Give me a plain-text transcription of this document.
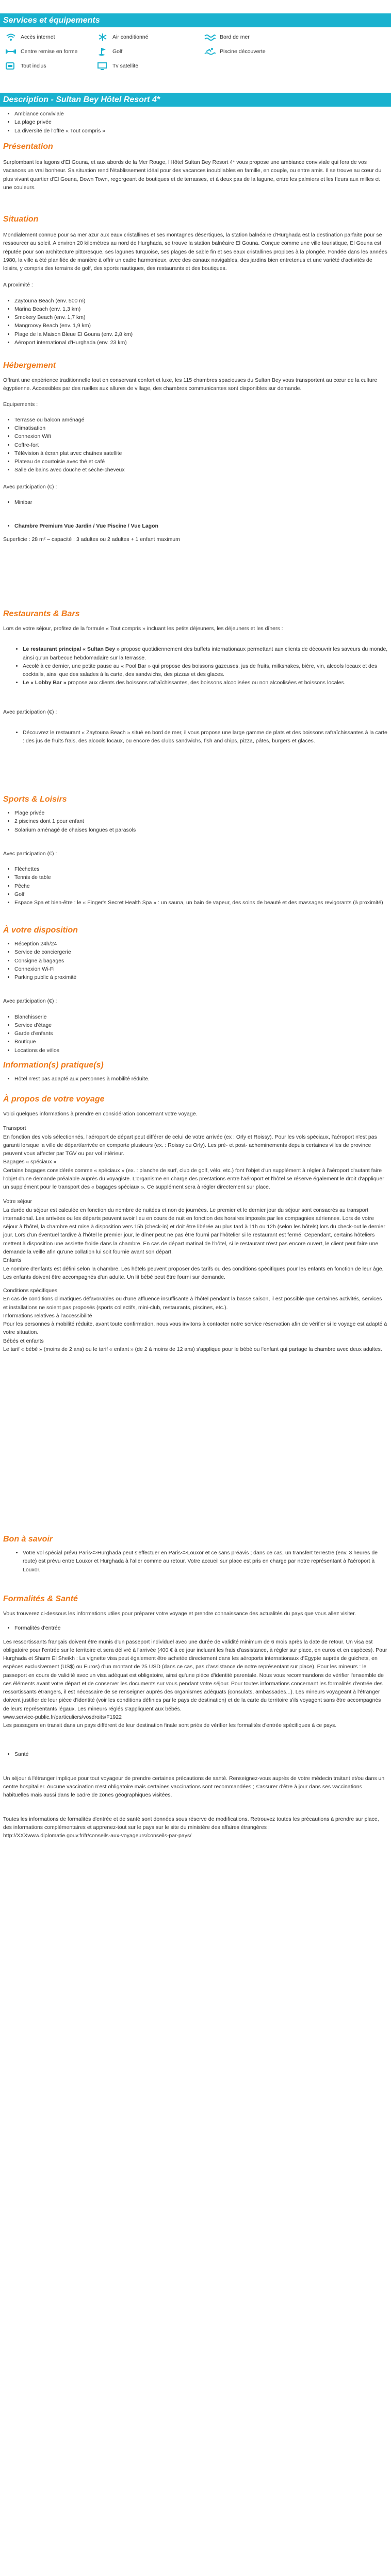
Services et équipements
Accès internet	Air conditionné	Bord de mer
Centre remise en forme	Golf	Piscine découverte
Tout inclus	Tv satellite
Description - Sultan Bey Hôtel Resort 4*
• Ambiance conviviale
• La plage privée
• La diversité de l'offre « Tout compris »
Présentation

Surplombant les lagons d'El Gouna, et aux abords de la Mer Rouge, l'Hôtel Sultan Bey Resort 4* vous propose une ambiance conviviale qui fera de vos vacances un vrai bonheur. Sa situation rend l'établissement idéal pour des vacances inoubliables en famille, en couple, ou entre amis. Il se trouve au cœur du plus vivant quartier d'El Gouna, Down Town, regorgeant de boutiques et de terrasses, et à deux pas de la lagune, entre les palmiers et les fleurs aux milles et une couleurs.

Situation

Mondialement connue pour sa mer azur aux eaux cristallines et ses montagnes désertiques, la station balnéaire d'Hurghada est la destination parfaite pour se ressourcer au soleil. A environ 20 kilomètres au nord de Hurghada, se trouve la station balnéaire El Gouna. Conçue comme une ville touristique, El Gouna est réputée pour son architecture pittoresque, ses lagunes turquoise, ses plages de sable fin et ses eaux cristallines propices à la plongée. Fondée dans les années 1980, la ville a été planifiée de manière à offrir un cadre harmonieux, avec des canaux navigables, des jardins bien entretenus et une variété d'activités de loisirs, y compris des terrains de golf, des sports nautiques, des restaurants et des boutiques.

A proximité :

• Zaytouna Beach (env. 500 m)
• Marina Beach (env. 1,3 km)
• Smokery Beach (env. 1,7 km)
• Mangroovy Beach (env. 1,9 km)
• Plage de la Maison Bleue El Gouna (env. 2,8 km)
• Aéroport international d'Hurghada (env. 23 km)
Hébergement

Offrant une expérience traditionnelle tout en conservant confort et luxe, les 115 chambres spacieuses du Sultan Bey vous transportent au cœur de la culture égyptienne. Accessibles par des ruelles aux allures de village, des chambres communicantes sont disponibles sur demande.

Equipements :

• Terrasse ou balcon aménagé
• Climatisation
• Connexion Wifi
• Coffre-fort
• Télévision à écran plat avec chaînes satellite
• Plateau de courtoisie avec thé et café
• Salle de bains avec douche et sèche-cheveux

Avec participation (€) :

• Minibar
• Chambre Premium Vue Jardin / Vue Piscine / Vue Lagon

Superficie : 28 m² – capacité : 3 adultes ou 2 adultes + 1 enfant maximum

Restaurants & Bars

Lors de votre séjour, profitez de la formule « Tout compris » incluant les petits déjeuners, les déjeuners et les dîners :

• Le restaurant principal « Sultan Bey » propose quotidiennement des buffets internationaux permettant aux clients de découvrir les saveurs du monde, ainsi qu'un barbecue hebdomadaire sur la terrasse.
• Accolé à ce dernier, une petite pause au « Pool Bar » qui propose des boissons gazeuses, jus de fruits, milkshakes, bière, vin, alcools locaux et des cocktails, ainsi que des salades à la carte, des sandwichs, des pizzas et des glaces.
• Le « Lobby Bar » propose aux clients des boissons rafraîchissantes, des boissons alcoolisées ou non alcoolisées et boissons locales.

Avec participation (€) :

• Découvrez le restaurant « Zaytouna Beach » situé en bord de mer, il vous propose une large gamme de plats et des boissons rafraîchissantes à la carte : des jus de fruits frais, des alcools locaux, ou encore des clubs sandwichs, fish and chips, pizza, pâtes, burgers et glaces.
Sports & Loisirs
• Plage privée
• 2 piscines dont 1 pour enfant
• Solarium aménagé de chaises longues et parasols

Avec participation (€) :

• Fléchettes
• Tennis de table
• Pêche
• Golf
• Espace Spa et bien-être : le « Finger's Secret Health Spa » : un sauna, un bain de vapeur, des soins de beauté et des massages revigorants (à proximité)
À votre disposition
• Réception 24h/24
• Service de conciergerie
• Consigne à bagages
• Connexion Wi-Fi
• Parking public à proximité

Avec participation (€) :

• Blanchisserie
• Service d'étage
• Garde d'enfants
• Boutique
• Locations de vélos
Information(s) pratique(s)
• Hôtel n'est pas adapté aux personnes à mobilité réduite.
À propos de votre voyage

Voici quelques informations à prendre en considération concernant votre voyage.

Transport

En fonction des vols sélectionnés, l'aéroport de départ peut différer de celui de votre arrivée (ex : Orly et Roissy). Pour les vols spéciaux, l'aéroport n'est pas garanti lorsque la ville de départ/arrivée en comporte plusieurs (ex. : Roissy ou Orly). Les pré- et post- acheminements depuis certaines villes de province peuvent vous affecter par TGV ou par vol intérieur.

Bagages « spéciaux »

Certains bagages considérés comme « spéciaux » (ex. : planche de surf, club de golf, vélo, etc.) font l'objet d'un supplément à régler à l'aéroport d'autant faire l'objet d'une demande préalable auprès du voyagiste. L'organisme en charge des prestations entre l'aéroport et l'hôtel se réserve également le droit d'appliquer un supplément pour le transport des « bagages spéciaux ». Ce supplément sera à régler directement sur place.

Votre séjour

La durée du séjour est calculée en fonction du nombre de nuitées et non de journées. Le premier et le dernier jour du séjour sont consacrés au transport international. Les arrivées ou les départs peuvent avoir lieu en cours de nuit en fonction des horaires imposés par les compagnies aériennes. Lors de votre séjour à l'hôtel, la chambre est mise à disposition vers 15h (check-in) et doit être libérée au plus tard à 11h ou 12h (selon les hôtels) lors du check-out le dernier jour. Lors d'un éventuel tardive à l'hôtel le premier jour, le dîner peut ne pas être fourni par l'hôtelier si le restaurant est fermé. Cependant, certains hôteliers mettent à disposition une assiette froide dans la chambre. En cas de départ matinal de l'hôtel, si le restaurant n'est pas encore ouvert, le client peut faire une demande la veille afin qu'une collation lui soit fournie avant son départ.

Enfants

Le nombre d'enfants est défini selon la chambre. Les hôtels peuvent proposer des tarifs ou des conditions spécifiques pour les enfants en fonction de leur âge. Les enfants doivent être accompagnés d'un adulte. Un lit bébé peut être fourni sur demande.

Conditions spécifiques

En cas de conditions climatiques défavorables ou d'une affluence insuffisante à l'hôtel pendant la basse saison, il est possible que certaines activités, services et installations ne soient pas proposés (sports collectifs, mini-club, restaurants, piscines, etc.).

Informations relatives à l'accessibilité

Pour les personnes à mobilité réduite, avant toute confirmation, nous vous invitons à contacter notre service réservation afin de vérifier si le voyage est adapté à votre situation.

Bébés et enfants

Le tarif « bébé » (moins de 2 ans) ou le tarif « enfant » (de 2 à moins de 12 ans) s'applique pour le bébé ou l'enfant qui partage la chambre avec deux adultes.

Bon à savoir
• Votre vol spécial prévu Paris<>Hurghada peut s'effectuer en Paris<>Louxor et ce sans préavis ; dans ce cas, un transfert terrestre (env. 3 heures de route) est prévu entre Louxor et Hurghada à l'aller comme au retour. Votre accueil sur place est pris en charge par notre représentant à l'aéroport à Louxor.
Formalités & Santé

Vous trouverez ci-dessous les informations utiles pour préparer votre voyage et prendre connaissance des actualités du pays que vous allez visiter.

• Formalités d'entrée

Les ressortissants français doivent être munis d'un passeport individuel avec une durée de validité minimum de 6 mois après la date de retour. Un visa est obligatoire pour l'entrée sur le territoire et sera délivré à l'arrivée (400 € à ce jour incluant les frais d'assistance, à régler sur place, en euros et en espèces). Pour Hurghada et Sharm El Sheikh : La vignette visa peut également être achetée directement dans les aéroports internationaux d'Egypte auprès de guichets, en espèces exclusivement (US$) ou Euros) d'un montant de 25 USD (dans ce cas, pas d'assistance de notre représentant sur place). Pour les mineurs : le passeport en cours de validité avec un visa adéquat est obligatoire, ainsi qu'une pièce d'identité parentale. Nous vous recommandons de vérifier l'ensemble de ces éléments avant votre départ et de conserver les documents sur vous pendant votre séjour. Pour toutes informations concernant les formalités d'entrée des ressortissants étrangers, il est nécessaire de se renseigner auprès des organismes adéquats (consulats, ambassades...). Les mineurs voyageant à l'étranger doivent justifier de leur pièce d'identité (voir les conditions définies par le pays de destination) et de la carte du territoire s'ils voyagent sans être accompagnés de leurs représentants légaux. Les mineurs réglés s'appliquent aux bébés.

www.service-public.fr/particuliers/vosdroits/F1922

Les passagers en transit dans un pays différent de leur destination finale sont priés de vérifier les formalités d'entrée spécifiques à ce pays.

• Santé

Un séjour à l'étranger implique pour tout voyageur de prendre certaines précautions de santé. Renseignez-vous auprès de votre médecin traitant et/ou dans un centre hospitalier. Aucune vaccination n'est obligatoire mais certaines vaccinations sont recommandées ; s'assurer d'être à jour dans ses vaccinations habituelles mais aussi dans le cadre de zones géographiques visitées.

Toutes les informations de formalités d'entrée et de santé sont données sous réserve de modifications. Retrouvez toutes les précautions à prendre sur place, des informations complémentaires et apprenez-tout sur le pays sur le site du ministère des affaires étrangères :

http://XXXwww.diplomatie.gouv.fr/fr/conseils-aux-voyageurs/conseils-par-pays/
